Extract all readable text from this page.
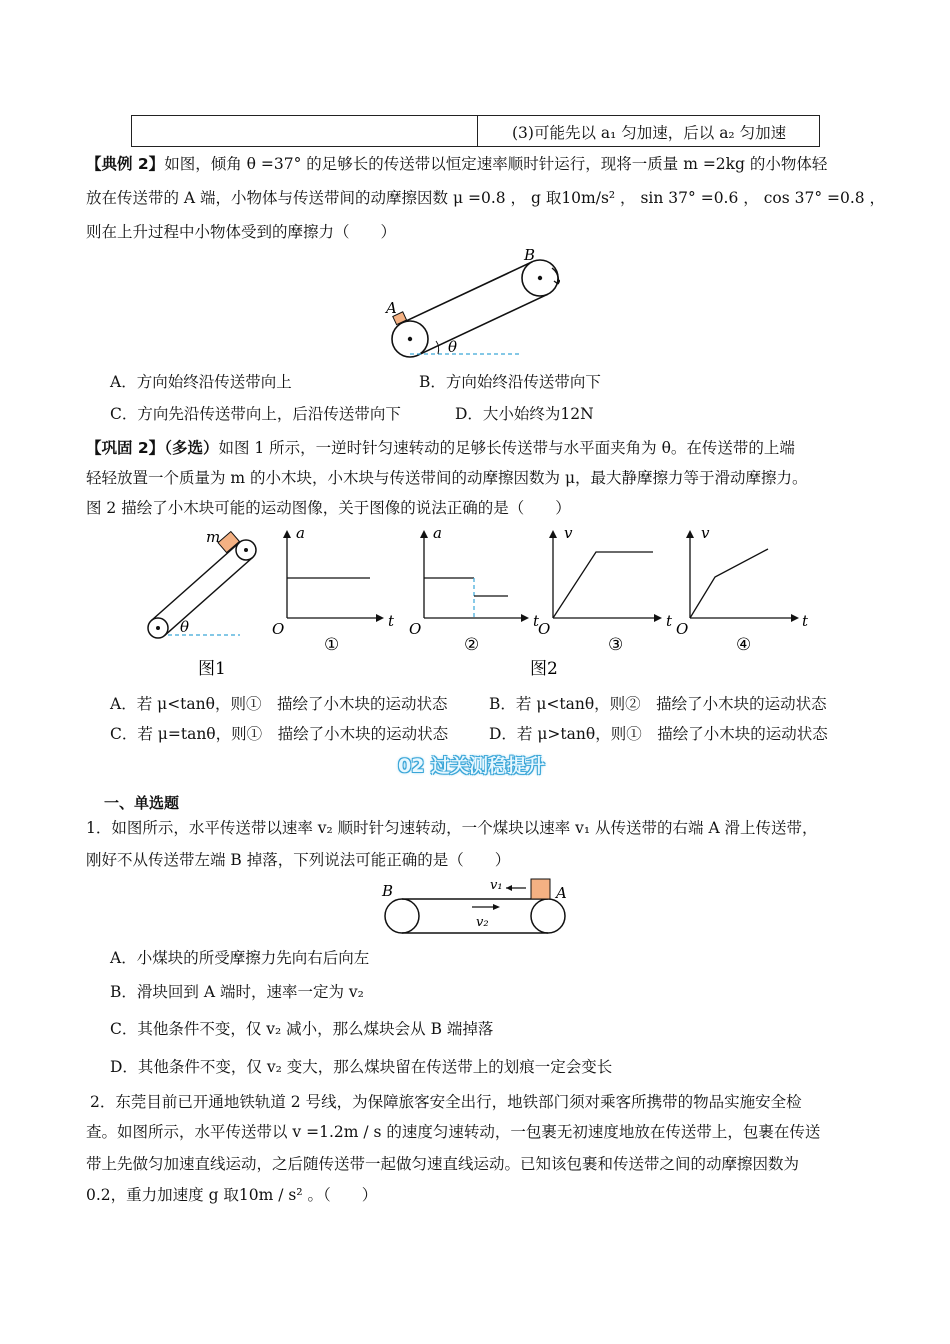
(3)可能先以 a₁ 匀加速，后以 a₂ 匀加速
【典例 2】如图，倾角 θ =37° 的足够长的传送带以恒定速率顺时针运行，现将一质量 m =2kg 的小物体轻
放在传送带的 A 端，小物体与传送带间的动摩擦因数 μ =0.8 ， g 取10m/s² ， sin 37° =0.6 ， cos 37° =0.8 ，
则在上升过程中小物体受到的摩擦力（　　）
A
B
θ
A．方向始终沿传送带向上	B．方向始终沿传送带向下
C．方向先沿传送带向上，后沿传送带向下	D．大小始终为12N
【巩固 2】（多选）如图 1 所示，一逆时针匀速转动的足够长传送带与水平面夹角为 θ。在传送带的上端
轻轻放置一个质量为 m 的小木块，小木块与传送带间的动摩擦因数为 μ，最大静摩擦力等于滑动摩擦力。
图 2 描绘了小木块可能的运动图像，关于图像的说法正确的是（　　）
m
θ
图1
a
t
O
①
a
t
O
②
v
t
O
③
v
t
O
④
图2
A．若 μ<tanθ，则①　描绘了小木块的运动状态	B．若 μ<tanθ，则②　描绘了小木块的运动状态
C．若 μ=tanθ，则①　描绘了小木块的运动状态	D．若 μ>tanθ，则①　描绘了小木块的运动状态
02 过关测稳提升
一、单选题
1．如图所示，水平传送带以速率 v₂ 顺时针匀速转动，一个煤块以速率 v₁ 从传送带的右端 A 滑上传送带，
刚好不从传送带左端 B 掉落，下列说法可能正确的是（　　）
B	A
v₁
v₂
A．小煤块的所受摩擦力先向右后向左
B．滑块回到 A 端时，速率一定为 v₂
C．其他条件不变，仅 v₂ 减小，那么煤块会从 B 端掉落
D．其他条件不变，仅 v₂ 变大，那么煤块留在传送带上的划痕一定会变长
2．东莞目前已开通地铁轨道 2 号线，为保障旅客安全出行，地铁部门须对乘客所携带的物品实施安全检
查。如图所示，水平传送带以 v =1.2m / s 的速度匀速转动，一包裹无初速度地放在传送带上，包裹在传送
带上先做匀加速直线运动，之后随传送带一起做匀速直线运动。已知该包裹和传送带之间的动摩擦因数为
0.2，重力加速度 g 取10m / s² 。（　　）
